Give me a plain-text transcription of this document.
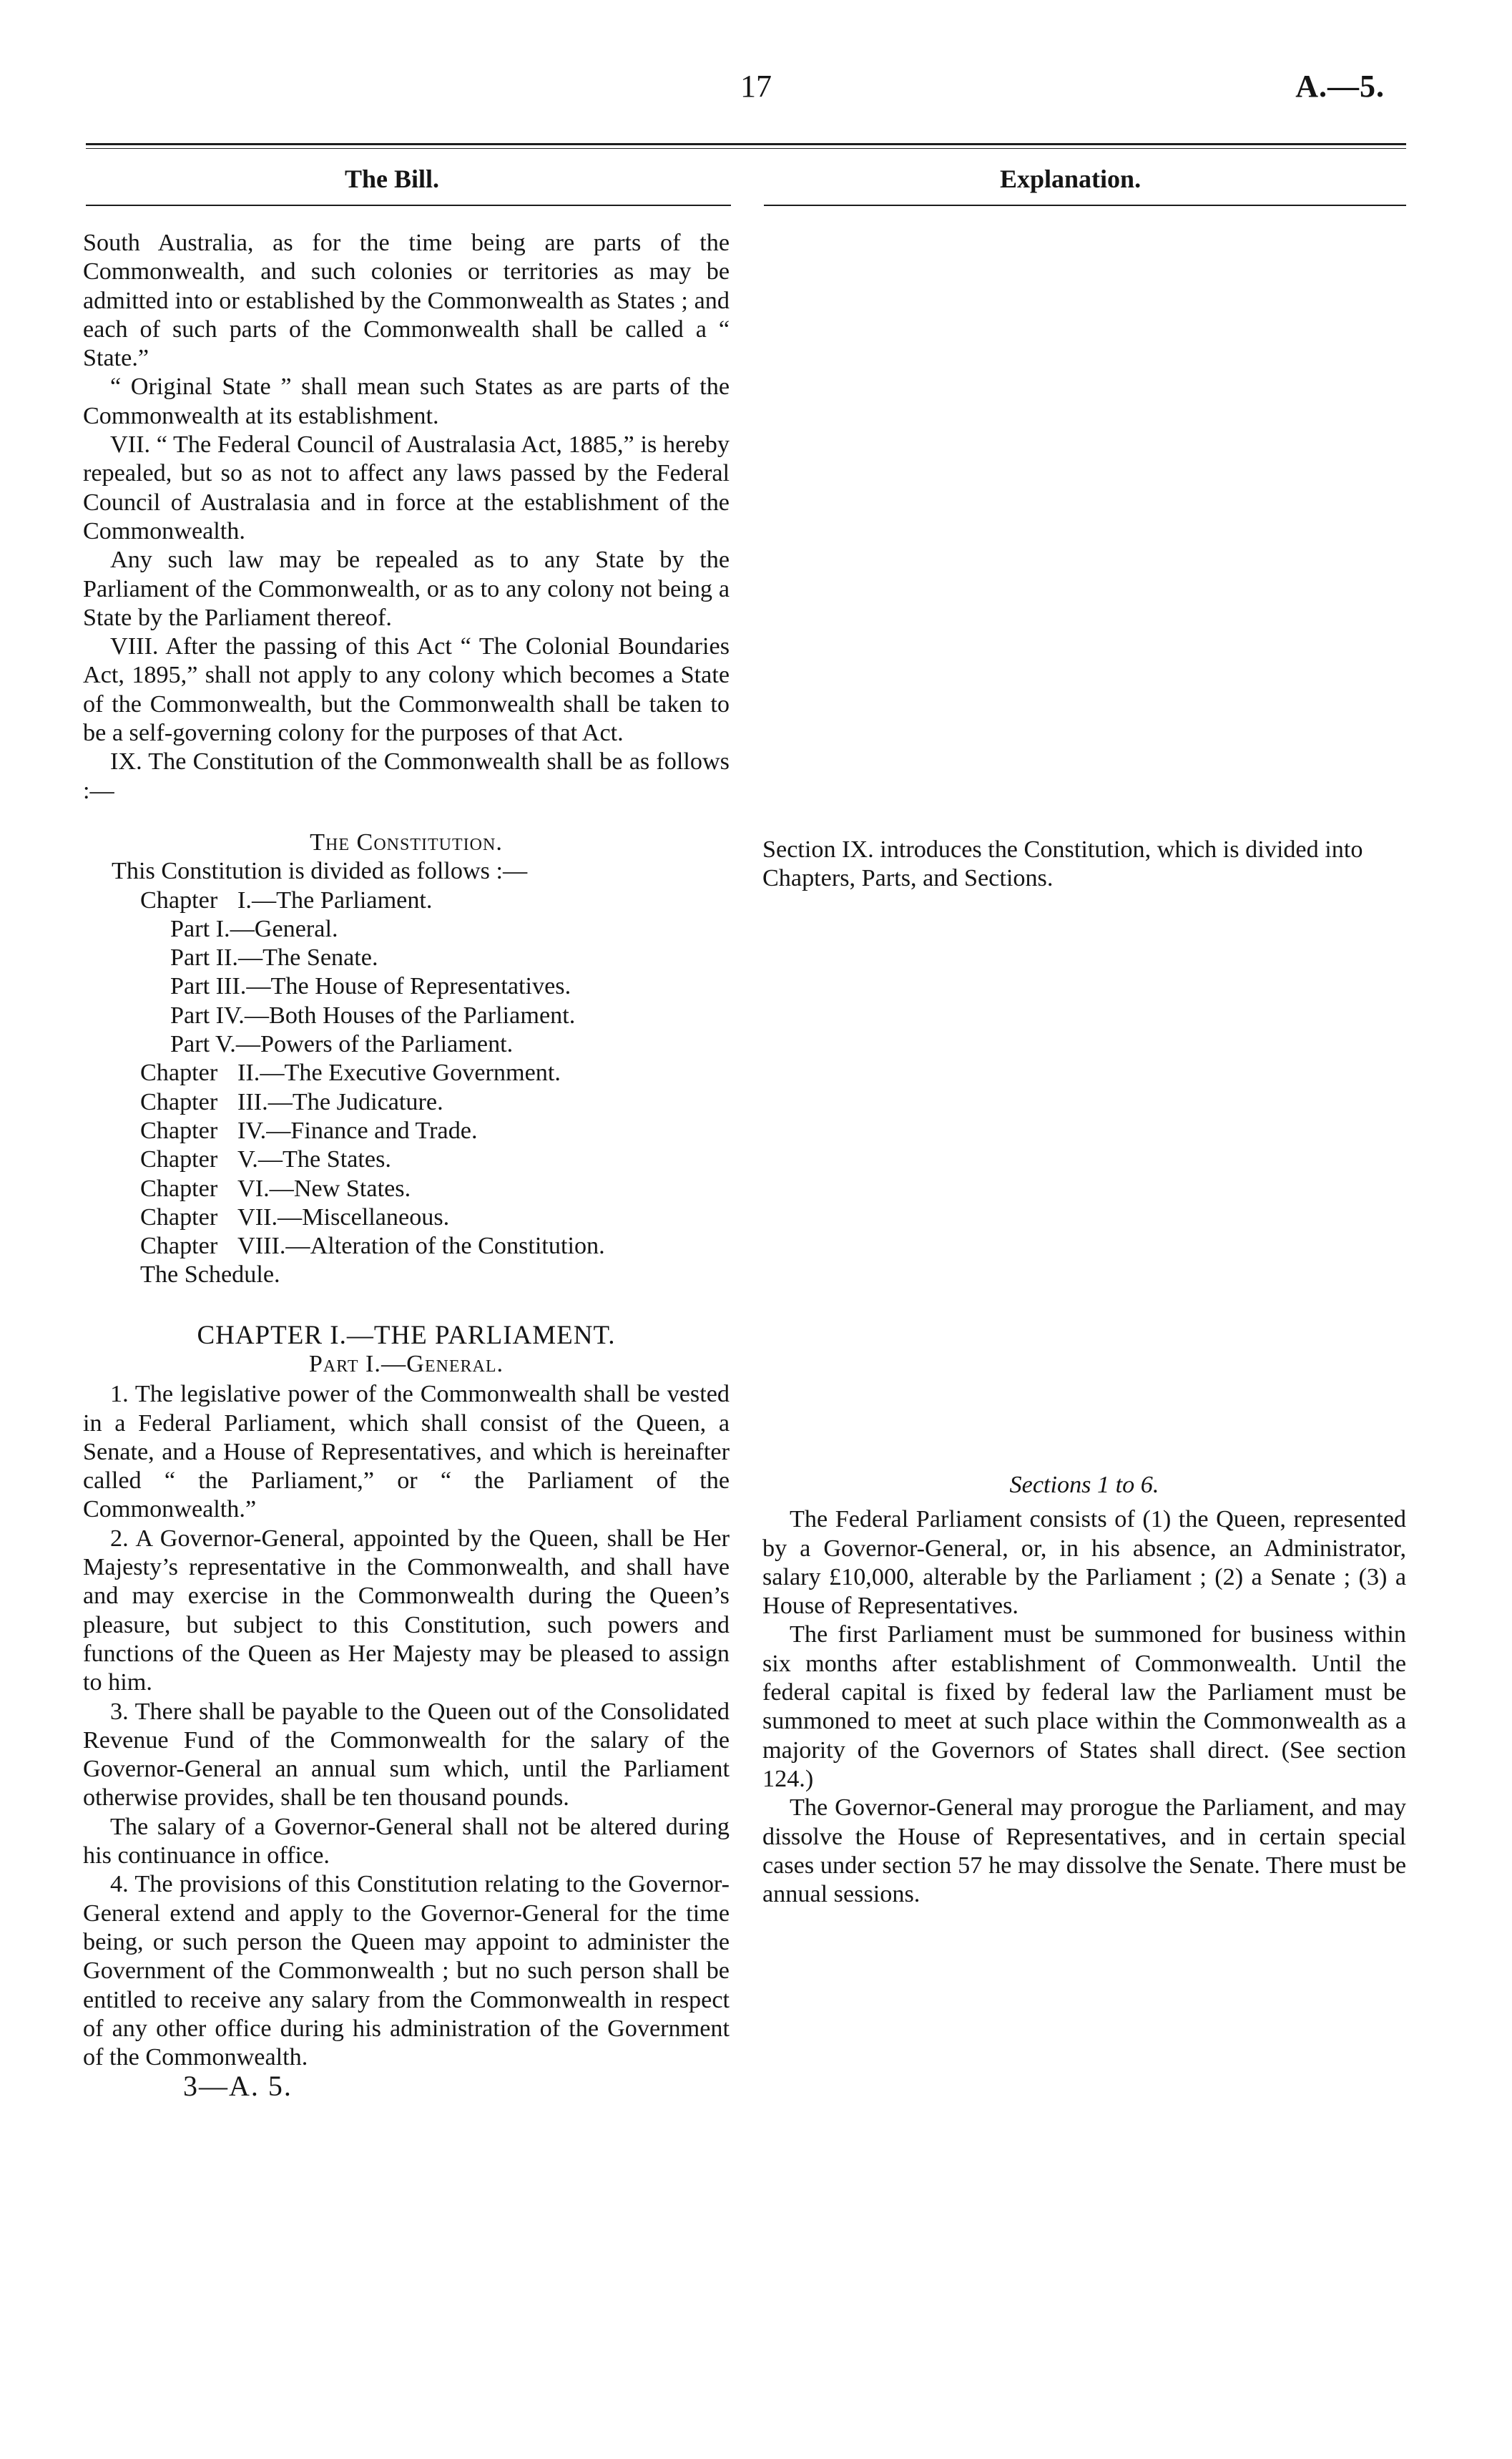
17	A.—5.
The Bill.	Explanation.

South Australia, as for the time being are parts of the Commonwealth, and such colonies or territories as may be admitted into or established by the Commonwealth as States ; and each of such parts of the Commonwealth shall be called a “ State.”

“ Original State ” shall mean such States as are parts of the Commonwealth at its establishment.

VII. “ The Federal Council of Australasia Act, 1885,” is hereby repealed, but so as not to affect any laws passed by the Federal Council of Australasia and in force at the establishment of the Commonwealth.

Any such law may be repealed as to any State by the Parliament of the Commonwealth, or as to any colony not being a State by the Parliament thereof.

VIII. After the passing of this Act “ The Colonial Boundaries Act, 1895,” shall not apply to any colony which becomes a State of the Commonwealth, but the Commonwealth shall be taken to be a self-governing colony for the purposes of that Act.

IX. The Constitution of the Commonwealth shall be as follows :—

The Constitution.

This Constitution is divided as follows :—

Chapter I.—The Parliament.

Part I.—General.

Part II.—The Senate.

Part III.—The House of Representatives.

Part IV.—Both Houses of the Parliament.

Part V.—Powers of the Parliament.

Chapter II.—The Executive Government.

Chapter III.—The Judicature.

Chapter IV.—Finance and Trade.

Chapter V.—The States.

Chapter VI.—New States.

Chapter VII.—Miscellaneous.

Chapter VIII.—Alteration of the Constitution.

The Schedule.

CHAPTER I.—THE PARLIAMENT.

Part I.—General.

1. The legislative power of the Commonwealth shall be vested in a Federal Parliament, which shall consist of the Queen, a Senate, and a House of Representatives, and which is hereinafter called “ the Parliament,” or “ the Parliament of the Commonwealth.”

2. A Governor-General, appointed by the Queen, shall be Her Majesty’s representative in the Commonwealth, and shall have and may exercise in the Commonwealth during the Queen’s pleasure, but subject to this Constitution, such powers and functions of the Queen as Her Majesty may be pleased to assign to him.

3. There shall be payable to the Queen out of the Consolidated Revenue Fund of the Commonwealth for the salary of the Governor-General an annual sum which, until the Parliament otherwise provides, shall be ten thousand pounds.

The salary of a Governor-General shall not be altered during his continuance in office.

4. The provisions of this Constitution relating to the Governor-General extend and apply to the Governor-General for the time being, or such person the Queen may appoint to administer the Government of the Commonwealth ; but no such person shall be entitled to receive any salary from the Commonwealth in respect of any other office during his administration of the Government of the Commonwealth.

3—A. 5.

Section IX. introduces the Constitution, which is divided into Chapters, Parts, and Sections.

Sections 1 to 6.

The Federal Parliament consists of (1) the Queen, represented by a Governor-General, or, in his absence, an Administrator, salary £10,000, alterable by the Parliament ; (2) a Senate ; (3) a House of Representatives.

The first Parliament must be summoned for business within six months after establishment of Commonwealth. Until the federal capital is fixed by federal law the Parliament must be summoned to meet at such place within the Commonwealth as a majority of the Governors of States shall direct. (See section 124.)

The Governor-General may prorogue the Parliament, and may dissolve the House of Representatives, and in certain special cases under section 57 he may dissolve the Senate. There must be annual sessions.
